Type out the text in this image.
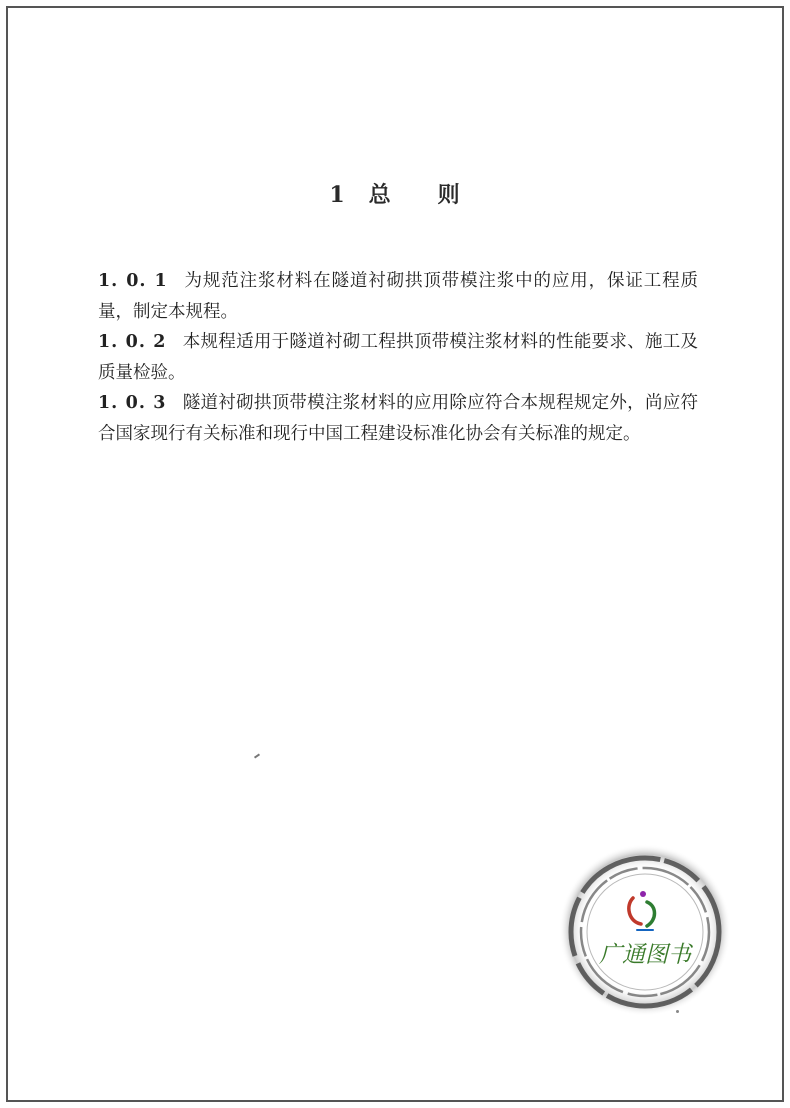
1　 总　　则
1. 0. 1 为规范注浆材料在隧道衬砌拱顶带模注浆中的应用，保证工程质量，制定本规程。
1. 0. 2 本规程适用于隧道衬砌工程拱顶带模注浆材料的性能要求、施工及质量检验。
1. 0. 3 隧道衬砌拱顶带模注浆材料的应用除应符合本规程规定外，尚应符合国家现行有关标准和现行中国工程建设标准化协会有关标准的规定。
广通图书
